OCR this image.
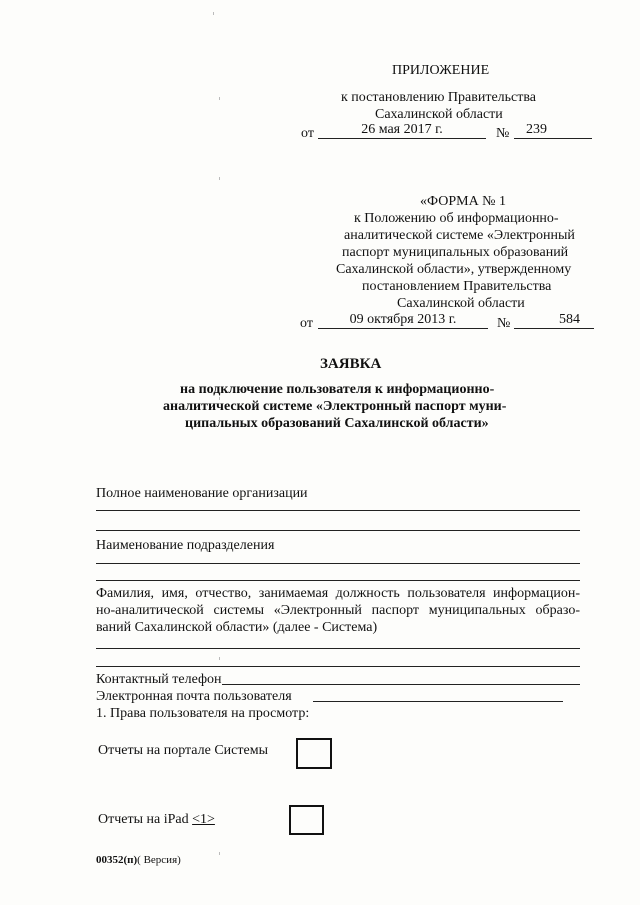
ПРИЛОЖЕНИЕ
к постановлению Правительства
Сахалинской области
от	26 мая 2017 г.	№	239
«ФОРМА № 1
к Положению об информационно-
аналитической системе «Электронный
паспорт муниципальных образований
Сахалинской области», утвержденному
постановлением Правительства
Сахалинской области
от	09 октября 2013 г.	№	584
ЗАЯВКА
на подключение пользователя к информационно-
аналитической системе «Электронный паспорт муни-
ципальных образований Сахалинской области»
Полное наименование организации
Наименование подразделения
Фамилия, имя, отчество, занимаемая должность пользователя информацион-
но-аналитической системы «Электронный паспорт муниципальных образо-
ваний Сахалинской области» (далее - Система)
Контактный телефон
Электронная почта пользователя
1. Права пользователя на просмотр:
Отчеты на портале Системы
Отчеты на iPad <1>
00352(п)( Версия)
